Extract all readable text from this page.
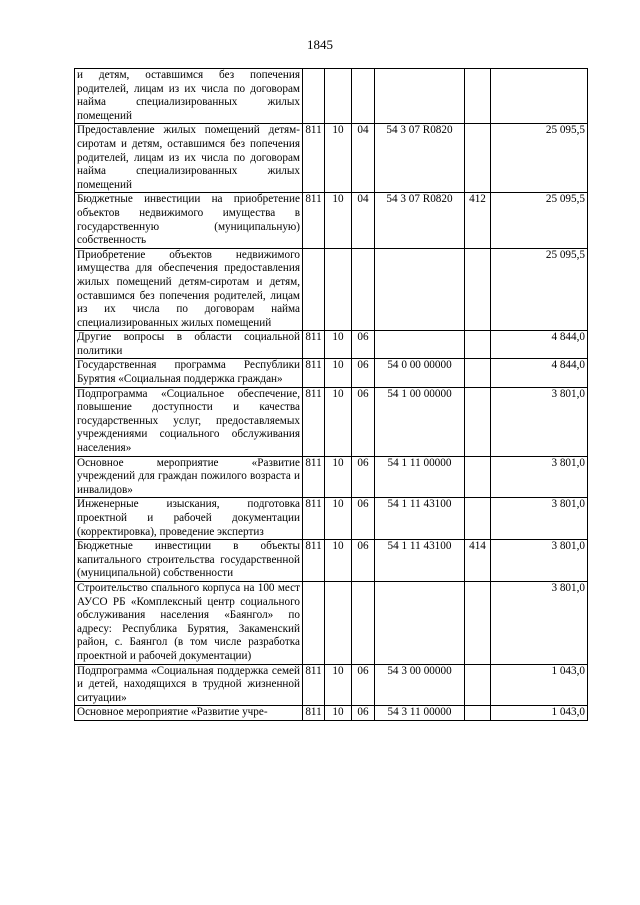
1845
и детям, оставшимся без попечения родителей, лицам из их числа по договорам найма специализированных жилых помещений						
Предоставление жилых помещений детям-сиротам и детям, оставшимся без попечения родителей, лицам из их числа по договорам найма специализированных жилых помещений	811	10	04	54 3 07 R0820		25 095,5
Бюджетные инвестиции на приобретение объектов недвижимого имущества в государственную (муниципальную) собственность	811	10	04	54 3 07 R0820	412	25 095,5
Приобретение объектов недвижимого имущества для обеспечения предоставления жилых помещений детям-сиротам и детям, оставшимся без попечения родителей, лицам из их числа по договорам найма специализированных жилых помещений						25 095,5
Другие вопросы в области социальной политики	811	10	06			4 844,0
Государственная программа Республики Бурятия «Социальная поддержка граждан»	811	10	06	54 0 00 00000		4 844,0
Подпрограмма «Социальное обеспечение, повышение доступности и качества государственных услуг, предоставляемых учреждениями социального обслуживания населения»	811	10	06	54 1 00 00000		3 801,0
Основное мероприятие «Развитие учреждений для граждан пожилого возраста и инвалидов»	811	10	06	54 1 11 00000		3 801,0
Инженерные изыскания, подготовка проектной и рабочей документации (корректировка), проведение экспертиз	811	10	06	54 1 11 43100		3 801,0
Бюджетные инвестиции в объекты капитального строительства государственной (муниципальной) собственности	811	10	06	54 1 11 43100	414	3 801,0
Строительство спального корпуса на 100 мест АУСО РБ «Комплексный центр социального обслуживания населения «Баянгол» по адресу: Республика Бурятия, Закаменский район, с. Баянгол (в том числе разработка проектной и рабочей документации)						3 801,0
Подпрограмма «Социальная поддержка семей и детей, находящихся в трудной жизненной ситуации»	811	10	06	54 3 00 00000		1 043,0
Основное мероприятие «Развитие учре-	811	10	06	54 3 11 00000		1 043,0
